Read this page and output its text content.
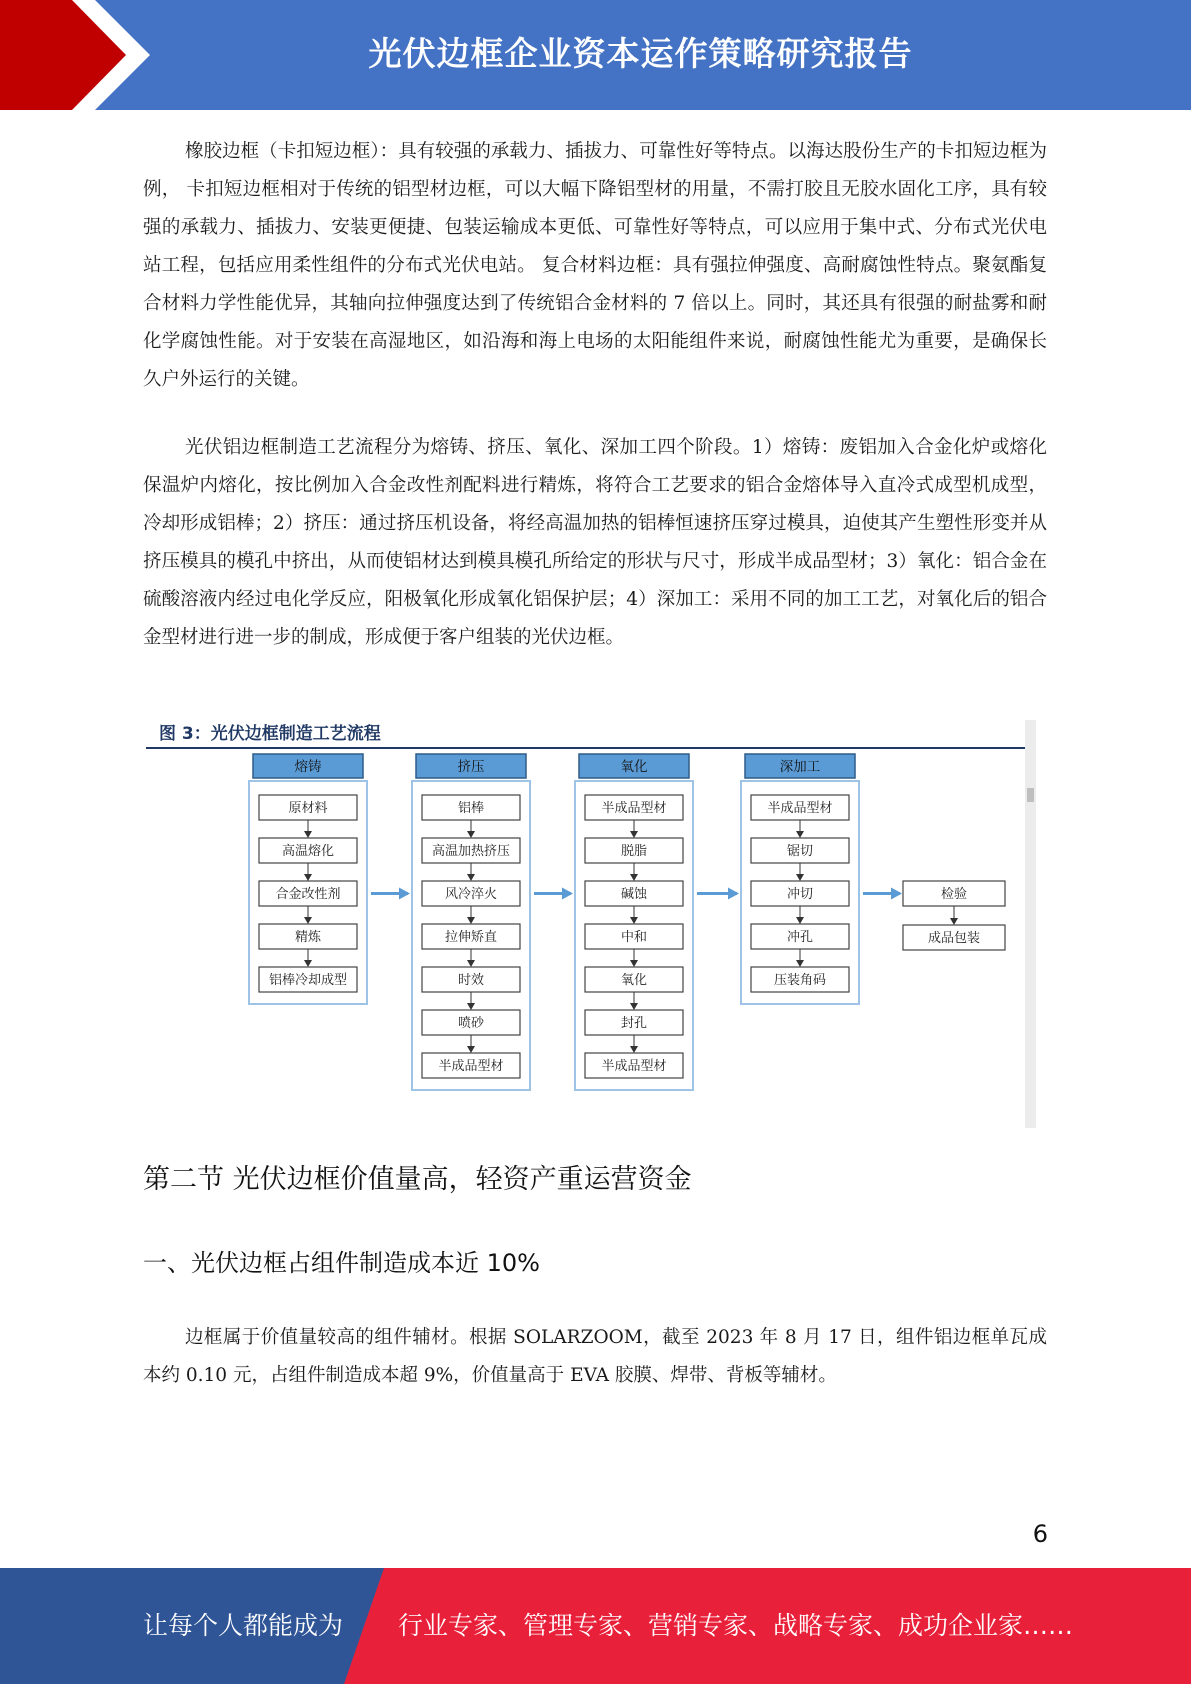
光伏边框企业资本运作策略研究报告

橡胶边框（卡扣短边框）：具有较强的承载力、插拔力、可靠性好等特点。以海达股份生产的卡扣短边框为例， 卡扣短边框相对于传统的铝型材边框，可以大幅下降铝型材的用量，不需打胶且无胶水固化工序，具有较强的承载力、插拔力、安装更便捷、包装运输成本更低、可靠性好等特点，可以应用于集中式、分布式光伏电站工程，包括应用柔性组件的分布式光伏电站。 复合材料边框：具有强拉伸强度、高耐腐蚀性特点。聚氨酯复合材料力学性能优异，其轴向拉伸强度达到了传统铝合金材料的 7 倍以上。同时，其还具有很强的耐盐雾和耐化学腐蚀性能。对于安装在高湿地区，如沿海和海上电场的太阳能组件来说，耐腐蚀性能尤为重要，是确保长久户外运行的关键。

光伏铝边框制造工艺流程分为熔铸、挤压、氧化、深加工四个阶段。1）熔铸：废铝加入合金化炉或熔化保温炉内熔化，按比例加入合金改性剂配料进行精炼，将符合工艺要求的铝合金熔体导入直冷式成型机成型，冷却形成铝棒；2）挤压：通过挤压机设备，将经高温加热的铝棒恒速挤压穿过模具，迫使其产生塑性形变并从挤压模具的模孔中挤出，从而使铝材达到模具模孔所给定的形状与尺寸，形成半成品型材；3）氧化：铝合金在硫酸溶液内经过电化学反应，阳极氧化形成氧化铝保护层；4）深加工：采用不同的加工工艺，对氧化后的铝合金型材进行进一步的制成，形成便于客户组装的光伏边框。

图 3：光伏边框制造工艺流程
熔铸
原材料
高温熔化
合金改性剂
精炼
铝棒冷却成型
挤压
铝棒
高温加热挤压
风冷淬火
拉伸矫直
时效
喷砂
半成品型材
氧化
半成品型材
脱脂
碱蚀
中和
氧化
封孔
半成品型材
深加工
半成品型材
锯切
冲切
冲孔
压装角码
检验
成品包装
第二节 光伏边框价值量高，轻资产重运营资金
一、光伏边框占组件制造成本近 10%

边框属于价值量较高的组件辅材。根据 SOLARZOOM，截至 2023 年 8 月 17 日，组件铝边框单瓦成本约 0.10 元，占组件制造成本超 9%，价值量高于 EVA 胶膜、焊带、背板等辅材。

6
让每个人都能成为 行业专家、管理专家、营销专家、战略专家、成功企业家……
